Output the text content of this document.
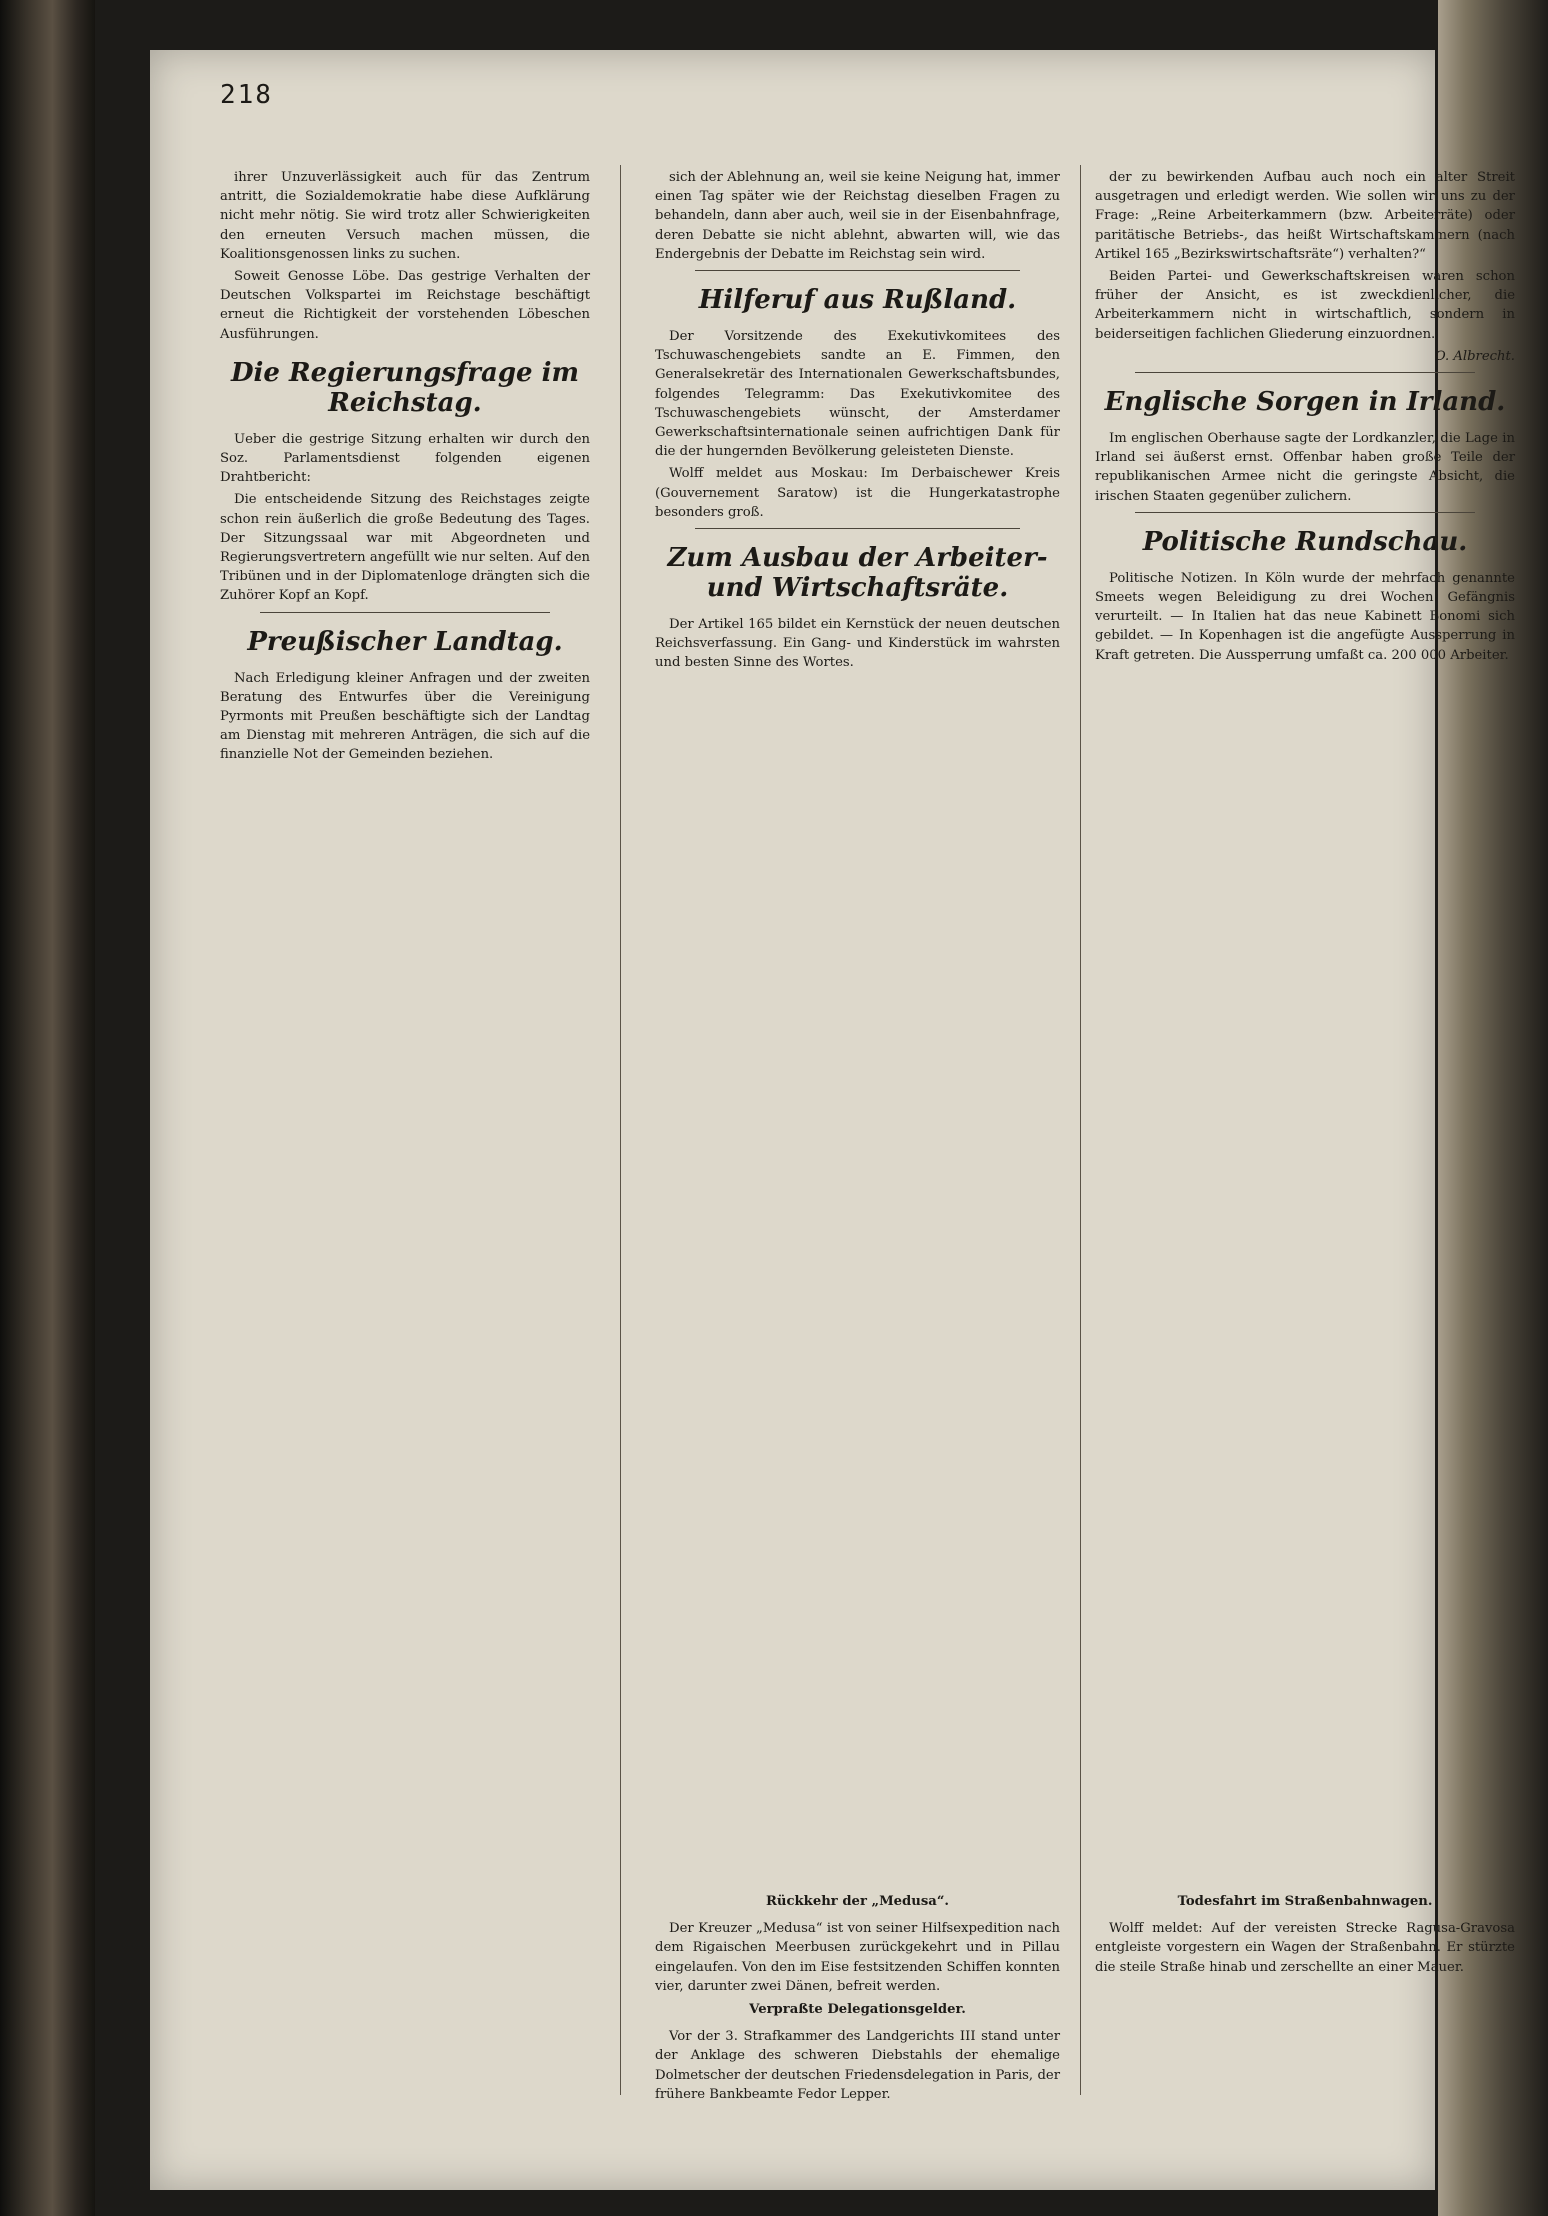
218

ihrer Unzuverlässigkeit auch für das Zentrum antritt, die Sozialdemokratie habe diese Aufklärung nicht mehr nötig. Sie wird trotz aller Schwierigkeiten den erneuten Versuch machen müssen, die Koalitionsgenossen links zu suchen.

Soweit Genosse Löbe. Das gestrige Verhalten der Deutschen Volkspartei im Reichstage beschäftigt erneut die Richtigkeit der vorstehenden Löbeschen Ausführungen.

Die Regierungsfrage im Reichstag.

Ueber die gestrige Sitzung erhalten wir durch den Soz. Parlamentsdienst folgenden eigenen Drahtbericht:

Die entscheidende Sitzung des Reichstages zeigte schon rein äußerlich die große Bedeutung des Tages. Der Sitzungssaal war mit Abgeordneten und Regierungsvertretern angefüllt wie nur selten. Auf den Tribünen und in der Diplomatenloge drängten sich die Zuhörer Kopf an Kopf.

Preußischer Landtag.

Nach Erledigung kleiner Anfragen und der zweiten Beratung des Entwurfes über die Vereinigung Pyrmonts mit Preußen beschäftigte sich der Landtag am Dienstag mit mehreren Anträgen, die sich auf die finanzielle Not der Gemeinden beziehen.

sich der Ablehnung an, weil sie keine Neigung hat, immer einen Tag später wie der Reichstag dieselben Fragen zu behandeln, dann aber auch, weil sie in der Eisenbahnfrage, deren Debatte sie nicht ablehnt, abwarten will, wie das Endergebnis der Debatte im Reichstag sein wird.

Hilferuf aus Rußland.

Der Vorsitzende des Exekutivkomitees des Tschuwaschengebiets sandte an E. Fimmen, den Generalsekretär des Internationalen Gewerkschaftsbundes, folgendes Telegramm: Das Exekutivkomitee des Tschuwaschengebiets wünscht, der Amsterdamer Gewerkschaftsinternationale seinen aufrichtigen Dank für die der hungernden Bevölkerung geleisteten Dienste.

Wolff meldet aus Moskau: Im Derbaischewer Kreis (Gouvernement Saratow) ist die Hungerkatastrophe besonders groß.

Zum Ausbau der Arbeiter- und Wirtschaftsräte.

Der Artikel 165 bildet ein Kernstück der neuen deutschen Reichsverfassung. Ein Gang- und Kinderstück im wahrsten und besten Sinne des Wortes.

der zu bewirkenden Aufbau auch noch ein alter Streit ausgetragen und erledigt werden. Wie sollen wir uns zu der Frage: „Reine Arbeiterkammern (bzw. Arbeiterräte) oder paritätische Betriebs-, das heißt Wirtschaftskammern (nach Artikel 165 „Bezirkswirtschaftsräte“) verhalten?“

Beiden Partei- und Gewerkschaftskreisen waren schon früher der Ansicht, es ist zweckdienlicher, die Arbeiterkammern nicht in wirtschaftlich, sondern in beiderseitigen fachlichen Gliederung einzuordnen.

O. Albrecht.
Englische Sorgen in Irland.

Im englischen Oberhause sagte der Lordkanzler, die Lage in Irland sei äußerst ernst. Offenbar haben große Teile der republikanischen Armee nicht die geringste Absicht, die irischen Staaten gegenüber zulichern.

Politische Rundschau.

Politische Notizen. In Köln wurde der mehrfach genannte Smeets wegen Beleidigung zu drei Wochen Gefängnis verurteilt. — In Italien hat das neue Kabinett Bonomi sich gebildet. — In Kopenhagen ist die angefügte Aussperrung in Kraft getreten. Die Aussperrung umfaßt ca. 200 000 Arbeiter.

Rückkehr der „Medusa“.

Der Kreuzer „Medusa“ ist von seiner Hilfsexpedition nach dem Rigaischen Meerbusen zurückgekehrt und in Pillau eingelaufen. Von den im Eise festsitzenden Schiffen konnten vier, darunter zwei Dänen, befreit werden.

Verpraßte Delegationsgelder.

Vor der 3. Strafkammer des Landgerichts III stand unter der Anklage des schweren Diebstahls der ehemalige Dolmetscher der deutschen Friedensdelegation in Paris, der frühere Bankbeamte Fedor Lepper.

Todesfahrt im Straßenbahnwagen.

Wolff meldet: Auf der vereisten Strecke Ragusa-Gravosa entgleiste vorgestern ein Wagen der Straßenbahn. Er stürzte die steile Straße hinab und zerschellte an einer Mauer.
